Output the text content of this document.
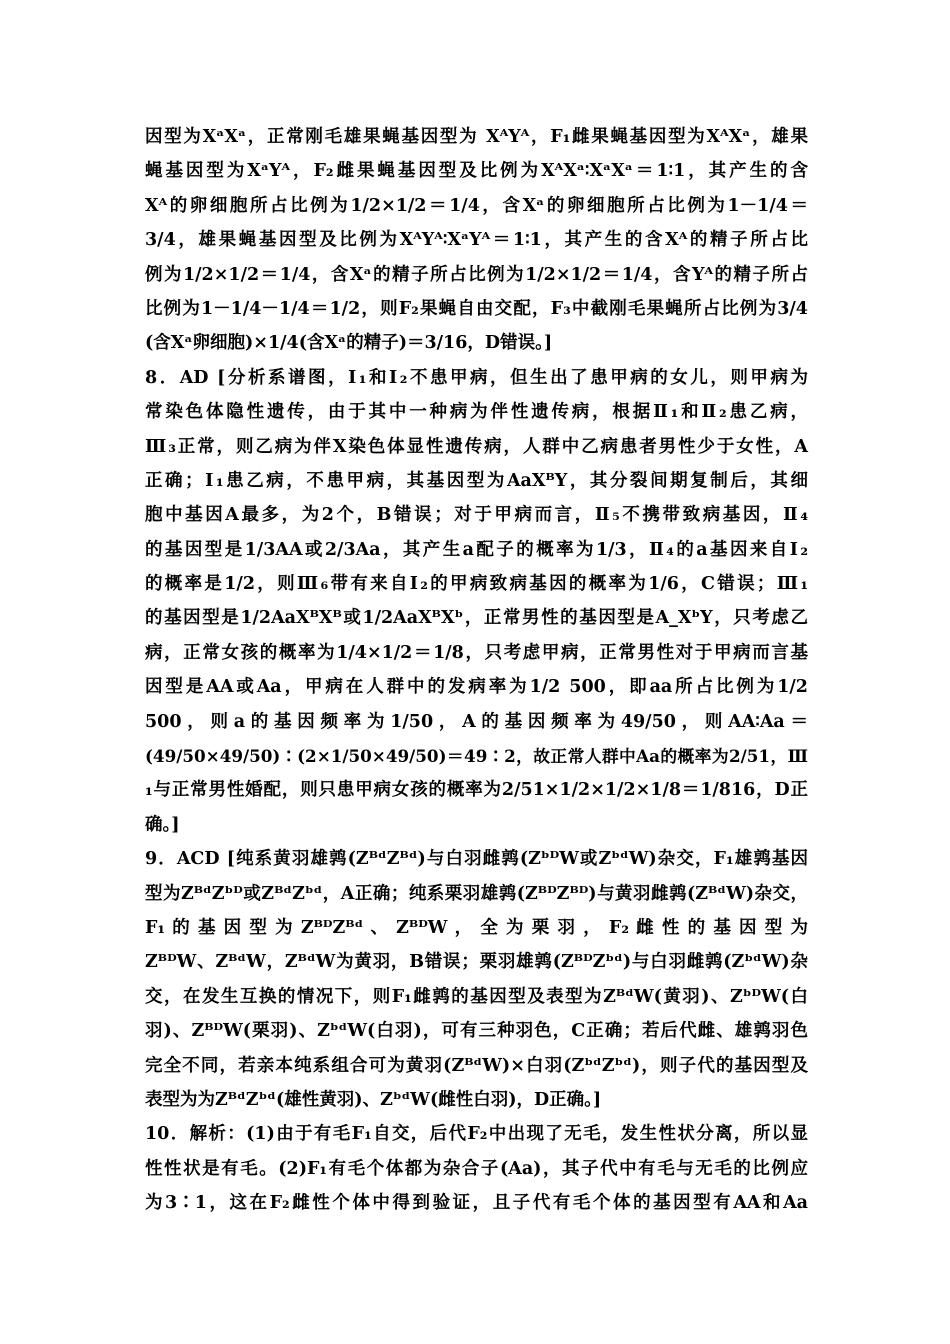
因型为XᵃXᵃ，正常刚毛雄果蝇基因型为 XᴬYᴬ，F₁雌果蝇基因型为XᴬXᵃ，雄果
蝇基因型为XᵃYᴬ，F₂雌果蝇基因型及比例为XᴬXᵃ∶XᵃXᵃ＝1∶1，其产生的含
Xᴬ的卵细胞所占比例为1/2×1/2＝1/4，含Xᵃ的卵细胞所占比例为1－1/4＝
3/4，雄果蝇基因型及比例为XᴬYᴬ∶XᵃYᴬ＝1∶1，其产生的含Xᴬ的精子所占比
例为1/2×1/2＝1/4，含Xᵃ的精子所占比例为1/2×1/2＝1/4，含Yᴬ的精子所占
比例为1－1/4－1/4＝1/2，则F₂果蝇自由交配，F₃中截刚毛果蝇所占比例为3/4
(含Xᵃ卵细胞)×1/4(含Xᵃ的精子)＝3/16，D错误。]
8．AD [分析系谱图，Ⅰ₁和Ⅰ₂不患甲病，但生出了患甲病的女儿，则甲病为
常染色体隐性遗传，由于其中一种病为伴性遗传病，根据Ⅱ₁和Ⅱ₂患乙病，
Ⅲ₃正常，则乙病为伴X染色体显性遗传病，人群中乙病患者男性少于女性，A
正确；Ⅰ₁患乙病，不患甲病，其基因型为AaXᴮY，其分裂间期复制后，其细
胞中基因A最多，为2个，B错误；对于甲病而言，Ⅱ₅不携带致病基因，Ⅱ₄
的基因型是1/3AA或2/3Aa，其产生a配子的概率为1/3，Ⅱ₄的a基因来自Ⅰ₂
的概率是1/2，则Ⅲ₆带有来自Ⅰ₂的甲病致病基因的概率为1/6，C错误；Ⅲ₁
的基因型是1/2AaXᴮXᴮ或1/2AaXᴮXᵇ，正常男性的基因型是A_XᵇY，只考虑乙
病，正常女孩的概率为1/4×1/2＝1/8，只考虑甲病，正常男性对于甲病而言基
因型是AA或Aa，甲病在人群中的发病率为1/2 500，即aa所占比例为1/2
500，则a的基因频率为1/50，A的基因频率为49/50，则AA∶Aa＝
(49/50×49/50)∶(2×1/50×49/50)＝49∶2，故正常人群中Aa的概率为2/51，Ⅲ
₁与正常男性婚配，则只患甲病女孩的概率为2/51×1/2×1/2×1/8＝1/816，D正
确。]
9．ACD [纯系黄羽雄鹑(ZᴮᵈZᴮᵈ)与白羽雌鹑(ZᵇᴰW或ZᵇᵈW)杂交，F₁雄鹑基因
型为ZᴮᵈZᵇᴰ或ZᴮᵈZᵇᵈ，A正确；纯系栗羽雄鹑(ZᴮᴰZᴮᴰ)与黄羽雌鹑(ZᴮᵈW)杂交，
F₁ 的 基 因 型 为 ZᴮᴰZᴮᵈ 、 ZᴮᴰW ， 全 为 栗 羽 ， F₂ 雌 性 的 基 因 型 为
ZᴮᴰW、ZᴮᵈW，ZᴮᵈW为黄羽，B错误；栗羽雄鹑(ZᴮᴰZᵇᵈ)与白羽雌鹑(ZᵇᵈW)杂
交，在发生互换的情况下，则F₁雌鹑的基因型及表型为ZᴮᵈW(黄羽)、ZᵇᴰW(白
羽)、ZᴮᴰW(栗羽)、ZᵇᵈW(白羽)，可有三种羽色，C正确；若后代雌、雄鹑羽色
完全不同，若亲本纯系组合可为黄羽(ZᴮᵈW)×白羽(ZᵇᵈZᵇᵈ)，则子代的基因型及
表型为为ZᴮᵈZᵇᵈ(雄性黄羽)、ZᵇᵈW(雌性白羽)，D正确。]
10．解析：(1)由于有毛F₁自交，后代F₂中出现了无毛，发生性状分离，所以显
性性状是有毛。(2)F₁有毛个体都为杂合子(Aa)，其子代中有毛与无毛的比例应
为3∶1，这在F₂雌性个体中得到验证，且子代有毛个体的基因型有AA和Aa
